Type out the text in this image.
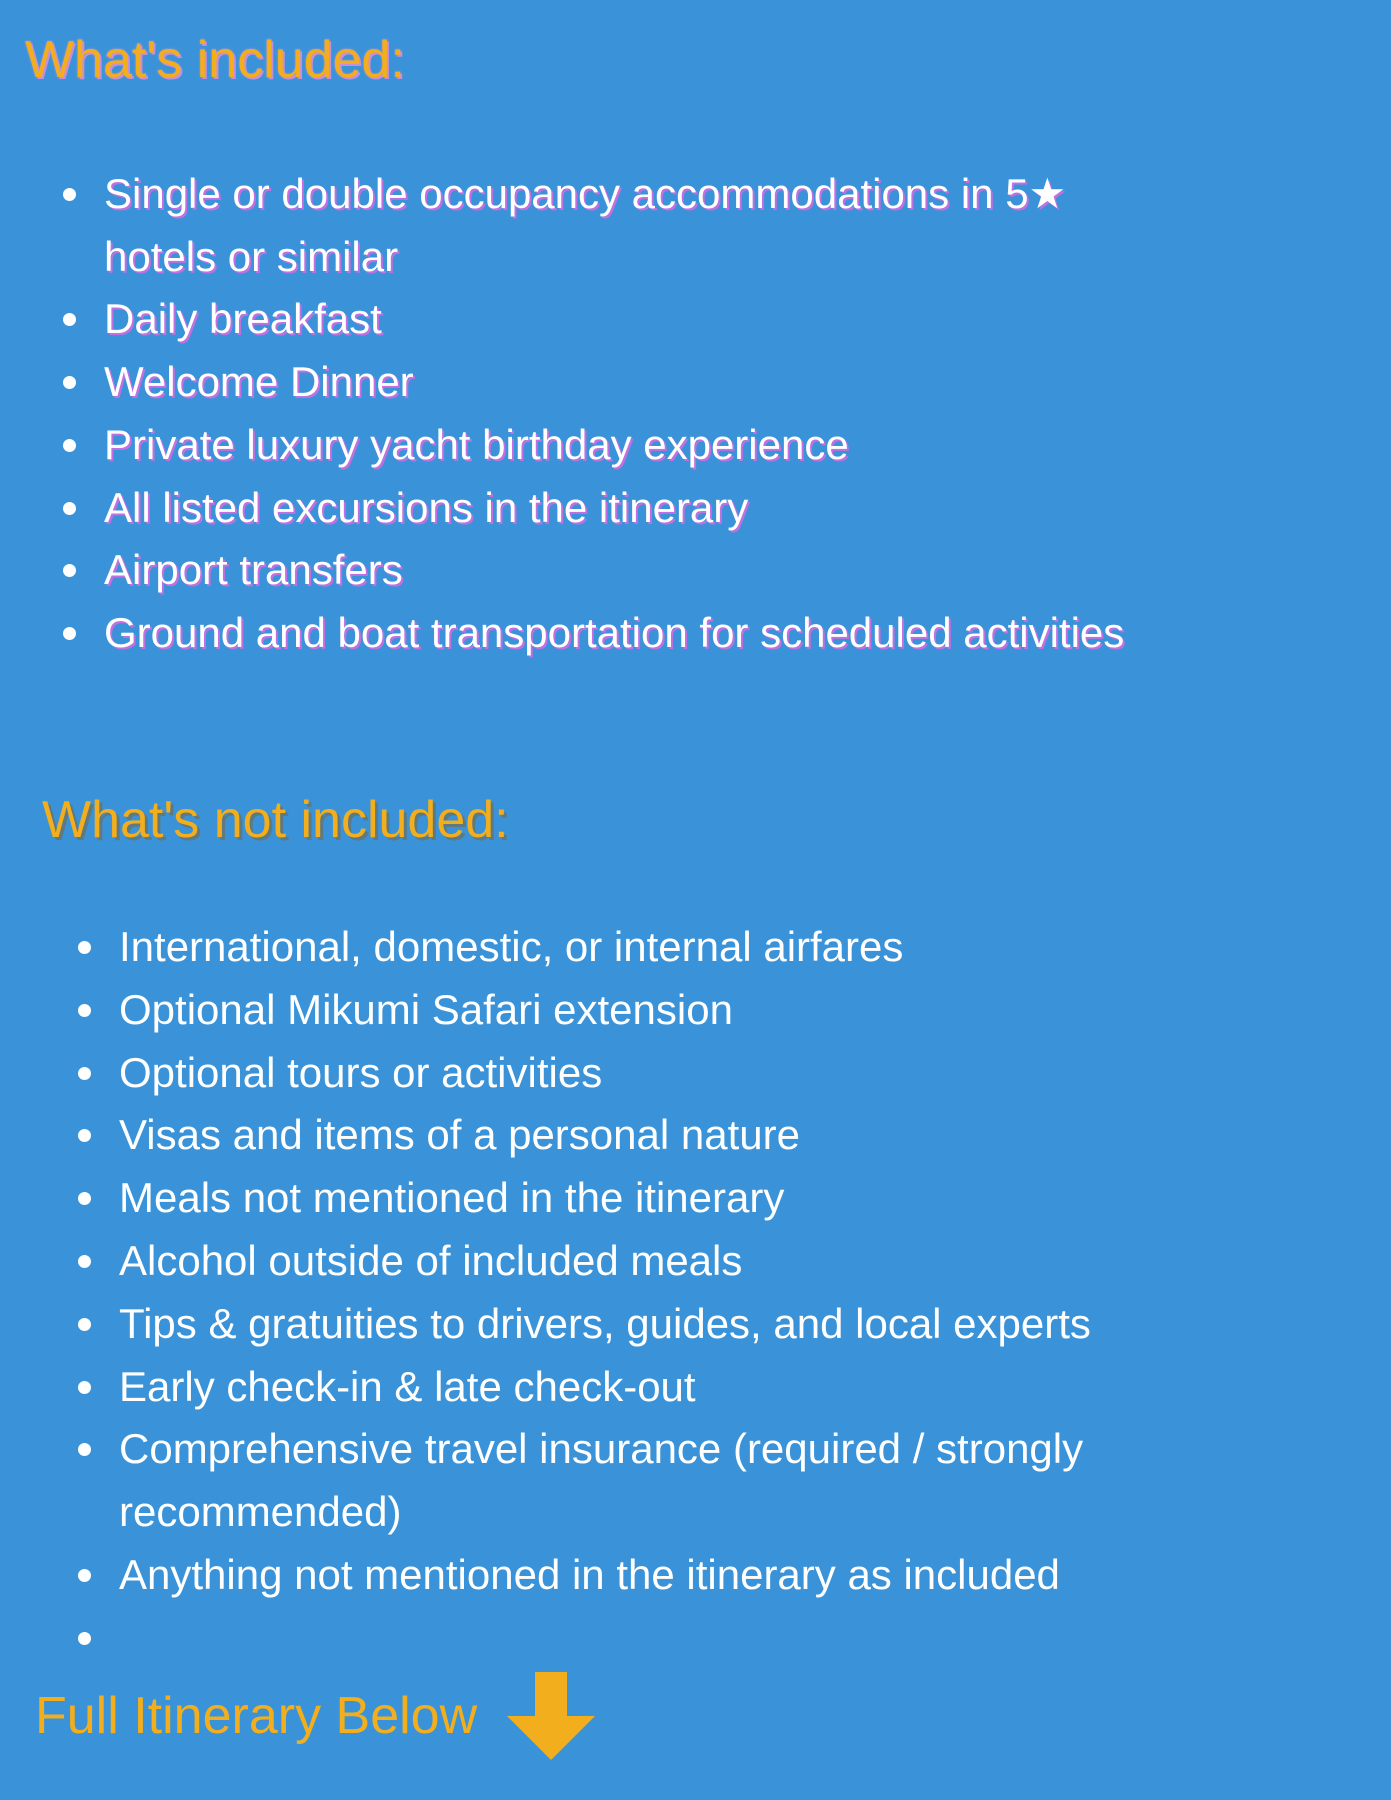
What's included:
Single or double occupancy accommodations in 5★
hotels or similar
Daily breakfast
Welcome Dinner
Private luxury yacht birthday experience
All listed excursions in the itinerary
Airport transfers
Ground and boat transportation for scheduled activities
What's not included:
International, domestic, or internal airfares
Optional Mikumi Safari extension
Optional tours or activities
Visas and items of a personal nature
Meals not mentioned in the itinerary
Alcohol outside of included meals
Tips & gratuities to drivers, guides, and local experts
Early check-in & late check-out
Comprehensive travel insurance (required / strongly
recommended)
Anything not mentioned in the itinerary as included

Full Itinerary Below
